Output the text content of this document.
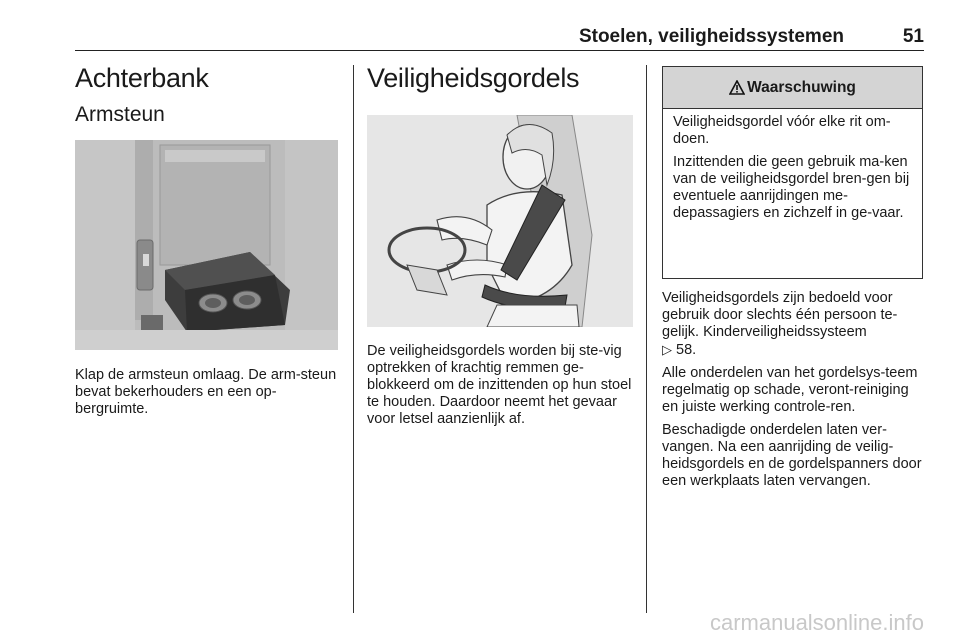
Stoelen, veiligheidssystemen	51
Achterbank
Armsteun

Klap de armsteun omlaag. De arm-steun bevat bekerhouders en een op-bergruimte.

Veiligheidsgordels

De veiligheidsgordels worden bij ste-vig optrekken of krachtig remmen ge-blokkeerd om de inzittenden op hun stoel te houden. Daardoor neemt het gevaar voor letsel aanzienlijk af.

Waarschuwing

Veiligheidsgordel vóór elke rit om-doen.

Inzittenden die geen gebruik ma-ken van de veiligheidsgordel bren-gen bij eventuele aanrijdingen me-depassagiers en zichzelf in ge-vaar.

Veiligheidsgordels zijn bedoeld voor gebruik door slechts één persoon te-gelijk. Kinderveiligheidssysteem
▷ 58.

Alle onderdelen van het gordelsys-teem regelmatig op schade, veront-reiniging en juiste werking controle-ren.

Beschadigde onderdelen laten ver-vangen. Na een aanrijding de veilig-heidsgordels en de gordelspanners door een werkplaats laten vervangen.

carmanualsonline.info
